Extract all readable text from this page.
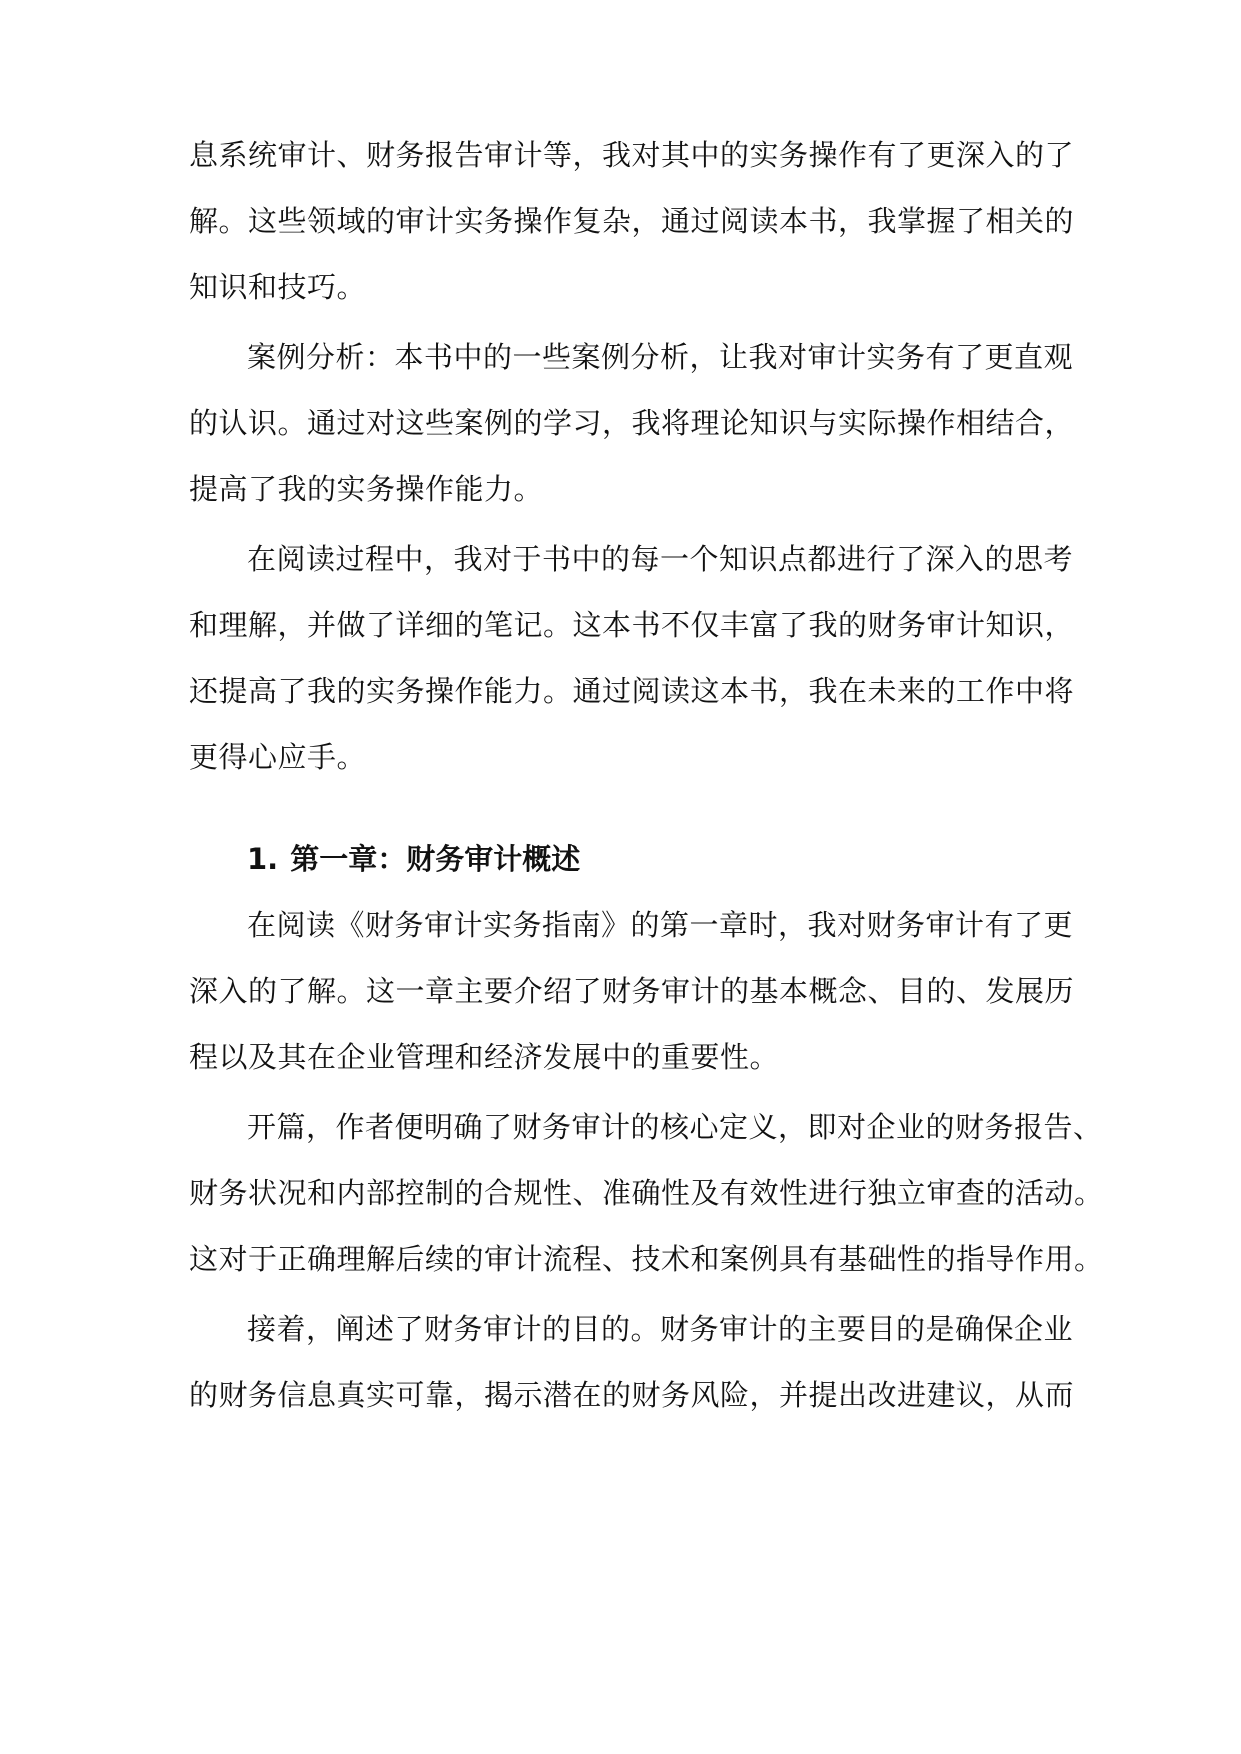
息系统审计、财务报告审计等，我对其中的实务操作有了更深入的了
解。这些领域的审计实务操作复杂，通过阅读本书，我掌握了相关的
知识和技巧。
案例分析：本书中的一些案例分析，让我对审计实务有了更直观
的认识。通过对这些案例的学习，我将理论知识与实际操作相结合，
提高了我的实务操作能力。
在阅读过程中，我对于书中的每一个知识点都进行了深入的思考
和理解，并做了详细的笔记。这本书不仅丰富了我的财务审计知识，
还提高了我的实务操作能力。通过阅读这本书，我在未来的工作中将
更得心应手。
1. 第一章：财务审计概述
在阅读《财务审计实务指南》的第一章时，我对财务审计有了更
深入的了解。这一章主要介绍了财务审计的基本概念、目的、发展历
程以及其在企业管理和经济发展中的重要性。
开篇，作者便明确了财务审计的核心定义，即对企业的财务报告、
财务状况和内部控制的合规性、准确性及有效性进行独立审查的活动。
这对于正确理解后续的审计流程、技术和案例具有基础性的指导作用。
接着，阐述了财务审计的目的。财务审计的主要目的是确保企业
的财务信息真实可靠，揭示潜在的财务风险，并提出改进建议，从而
